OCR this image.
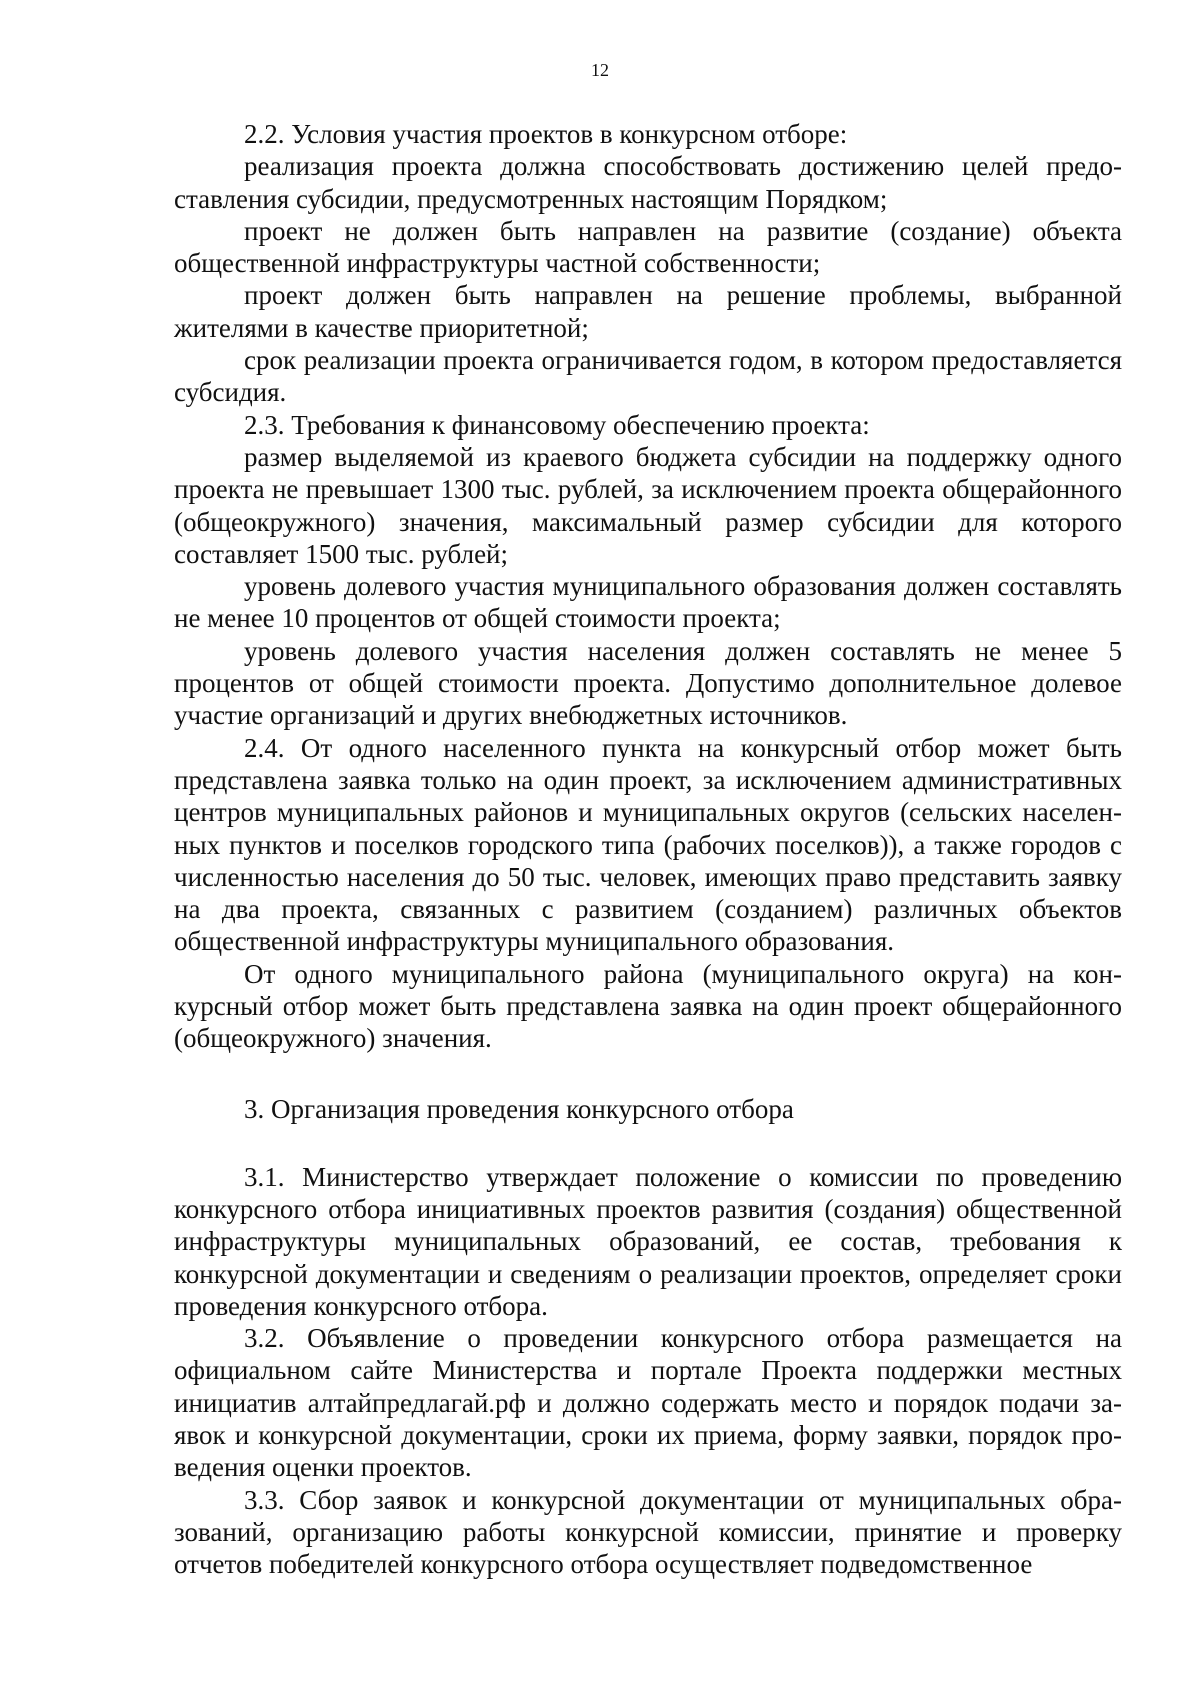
12

2.2. Условия участия проектов в конкурсном отборе:

реализация проекта должна способствовать достижению целей предоставления субсидии, предусмотренных настоящим Порядком;

проект не должен быть направлен на развитие (создание) объекта общественной инфраструктуры частной собственности;

проект должен быть направлен на решение проблемы, выбранной жителями в качестве приоритетной;

срок реализации проекта ограничивается годом, в котором предоставляется субсидия.

2.3. Требования к финансовому обеспечению проекта:

размер выделяемой из краевого бюджета субсидии на поддержку одного проекта не превышает 1300 тыс. рублей, за исключением проекта общерайонного (общеокружного) значения, максимальный размер субсидии для которого составляет 1500 тыс. рублей;

уровень долевого участия муниципального образования должен составлять не менее 10 процентов от общей стоимости проекта;

уровень долевого участия населения должен составлять не менее 5 процентов от общей стоимости проекта. Допустимо дополнительное долевое участие организаций и других внебюджетных источников.

2.4. От одного населенного пункта на конкурсный отбор может быть представлена заявка только на один проект, за исключением административных центров муниципальных районов и муниципальных округов (сельских населенных пунктов и поселков городского типа (рабочих поселков)), а также городов с численностью населения до 50 тыс. человек, имеющих право представить заявку на два проекта, связанных с развитием (созданием) различных объектов общественной инфраструктуры муниципального образования.

От одного муниципального района (муниципального округа) на конкурсный отбор может быть представлена заявка на один проект общерайонного (общеокружного) значения.

3. Организация проведения конкурсного отбора

3.1. Министерство утверждает положение о комиссии по проведению конкурсного отбора инициативных проектов развития (создания) общественной инфраструктуры муниципальных образований, ее состав, требования к конкурсной документации и сведениям о реализации проектов, определяет сроки проведения конкурсного отбора.

3.2. Объявление о проведении конкурсного отбора размещается на официальном сайте Министерства и портале Проекта поддержки местных инициатив алтайпредлагай.рф и должно содержать место и порядок подачи заявок и конкурсной документации, сроки их приема, форму заявки, порядок проведения оценки проектов.

3.3. Сбор заявок и конкурсной документации от муниципальных образований, организацию работы конкурсной комиссии, принятие и проверку отчетов победителей конкурсного отбора осуществляет подведомственное
